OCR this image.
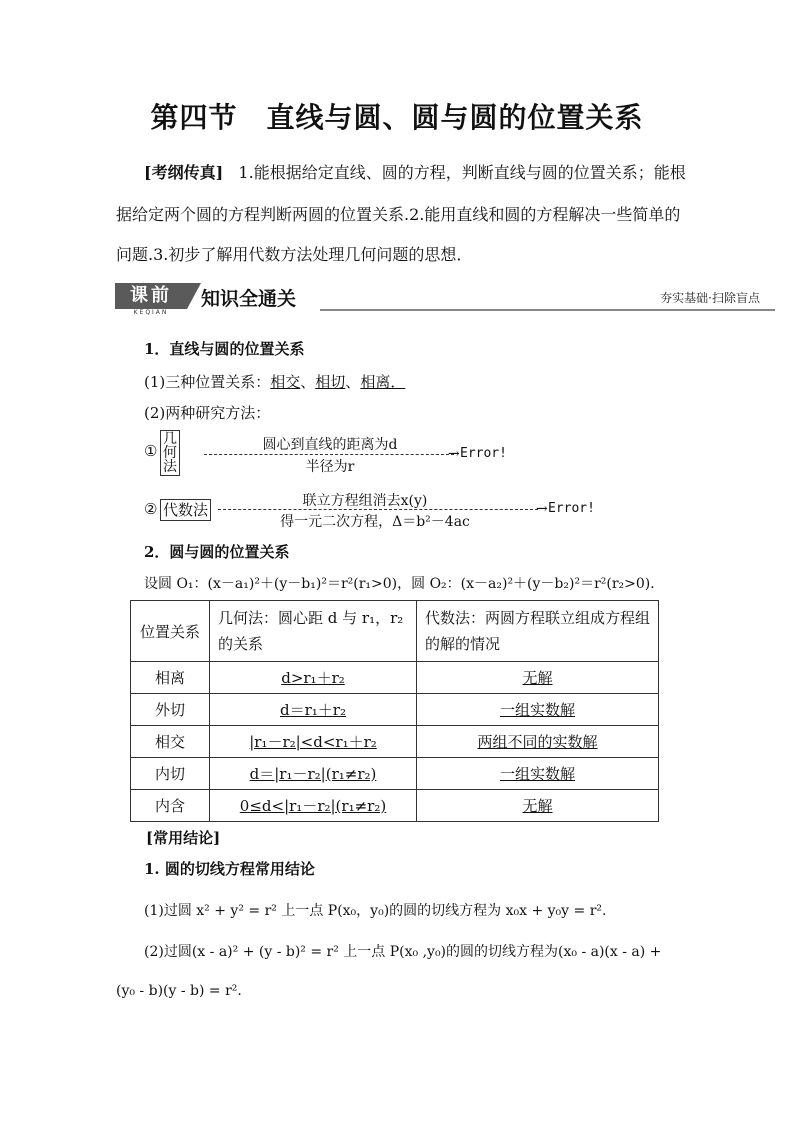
第四节　直线与圆、圆与圆的位置关系
[考纲传真] 1.能根据给定直线、圆的方程，判断直线与圆的位置关系；能根
据给定两个圆的方程判断两圆的位置关系.2.能用直线和圆的方程解决一些简单的
问题.3.初步了解用代数方法处理几何问题的思想．
课前
KEQIAN
知识全通关	夯实基础·扫除盲点
1．直线与圆的位置关系
(1)三种位置关系：相交、相切、相离．
(2)两种研究方法：
①
几何法
圆心到直线的距离为d
半径为r
→ Error!
② 代数法	联立方程组消去x(y)
得一元二次方程，Δ＝b²－4ac
→ Error!
2．圆与圆的位置关系
设圆 O₁：(x－a₁)²＋(y－b₁)²＝r²(r₁>0)，圆 O₂：(x－a₂)²＋(y－b₂)²＝r²(r₂>0)．
位置关系	几何法：圆心距 d 与 r₁，r₂ 的关系	代数法：两圆方程联立组成方程组的解的情况
相离	d>r₁＋r₂	无解
外切	d＝r₁＋r₂	一组实数解
相交	|r₁－r₂|<d<r₁＋r₂	两组不同的实数解
内切	d＝|r₁－r₂|(r₁≠r₂)	一组实数解
内含	0≤d<|r₁－r₂|(r₁≠r₂)	无解
[常用结论]
1. 圆的切线方程常用结论
(1)过圆 x² + y² = r² 上一点 P(x₀，y₀)的圆的切线方程为 x₀x + y₀y = r².
(2)过圆(x - a)² + (y - b)² = r² 上一点 P(x₀ ,y₀)的圆的切线方程为(x₀ - a)(x - a) +
(y₀ - b)(y - b) = r².
